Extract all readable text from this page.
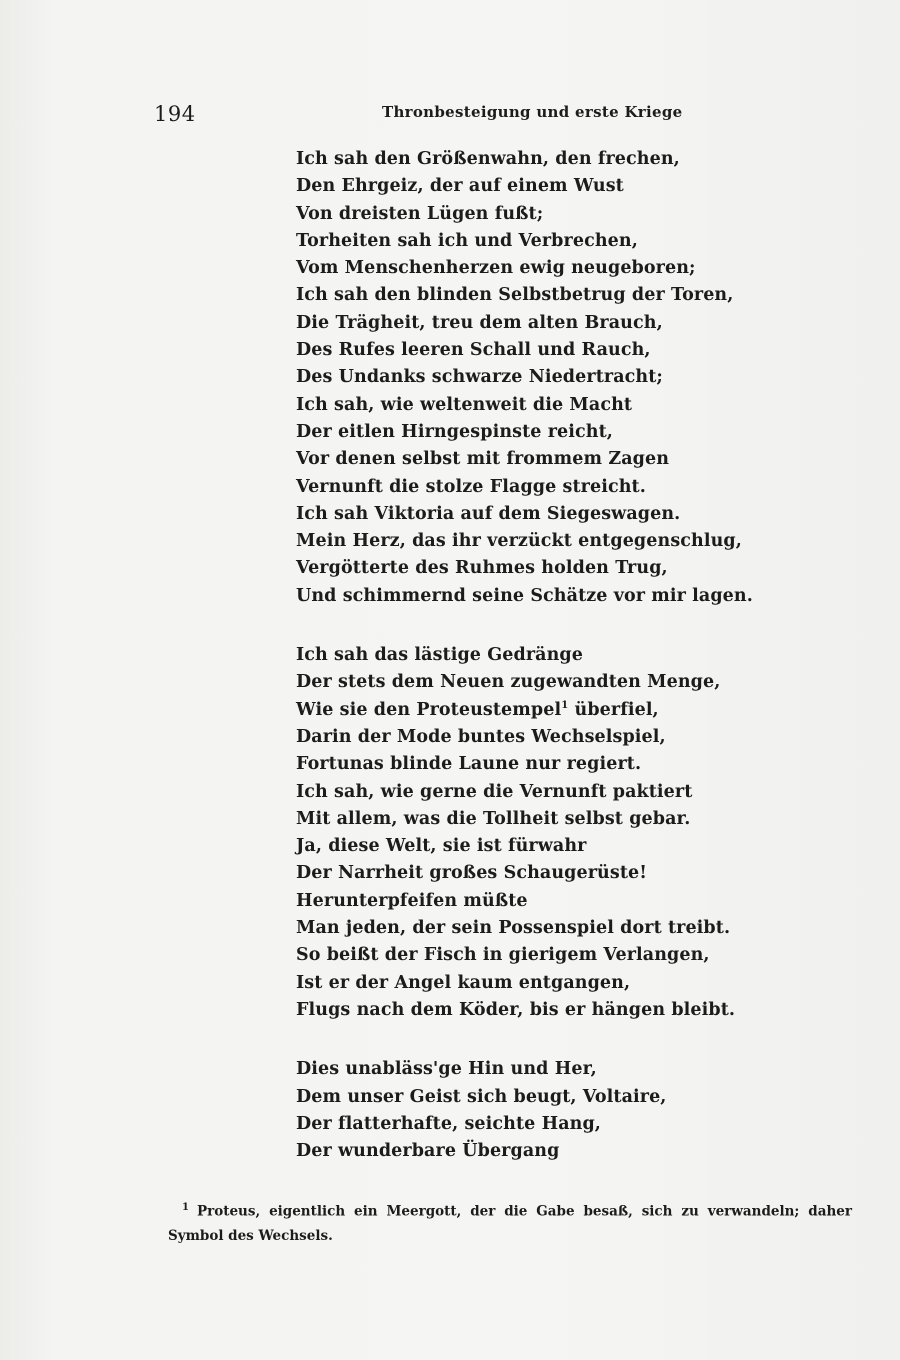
194	Thronbesteigung und erste Kriege
Ich sah den Größenwahn, den frechen,
Den Ehrgeiz, der auf einem Wust
Von dreisten Lügen fußt;
Torheiten sah ich und Verbrechen,
Vom Menschenherzen ewig neugeboren;
Ich sah den blinden Selbstbetrug der Toren,
Die Trägheit, treu dem alten Brauch,
Des Rufes leeren Schall und Rauch,
Des Undanks schwarze Niedertracht;
Ich sah, wie weltenweit die Macht
Der eitlen Hirngespinste reicht,
Vor denen selbst mit frommem Zagen
Vernunft die stolze Flagge streicht.
Ich sah Viktoria auf dem Siegeswagen.
Mein Herz, das ihr verzückt entgegenschlug,
Vergötterte des Ruhmes holden Trug,
Und schimmernd seine Schätze vor mir lagen.
Ich sah das lästige Gedränge
Der stets dem Neuen zugewandten Menge,
Wie sie den Proteustempel$^1$ überfiel,
Darin der Mode buntes Wechselspiel,
Fortunas blinde Laune nur regiert.
Ich sah, wie gerne die Vernunft paktiert
Mit allem, was die Tollheit selbst gebar.
Ja, diese Welt, sie ist fürwahr
Der Narrheit großes Schaugerüste!
Herunterpfeifen müßte
Man jeden, der sein Possenspiel dort treibt.
So beißt der Fisch in gierigem Verlangen,
Ist er der Angel kaum entgangen,
Flugs nach dem Köder, bis er hängen bleibt.
Dies unabläss'ge Hin und Her,
Dem unser Geist sich beugt, Voltaire,
Der flatterhafte, seichte Hang,
Der wunderbare Übergang
$^1$ Proteus, eigentlich ein Meergott, der die Gabe besaß, sich zu verwandeln; daher Symbol des Wechsels.
